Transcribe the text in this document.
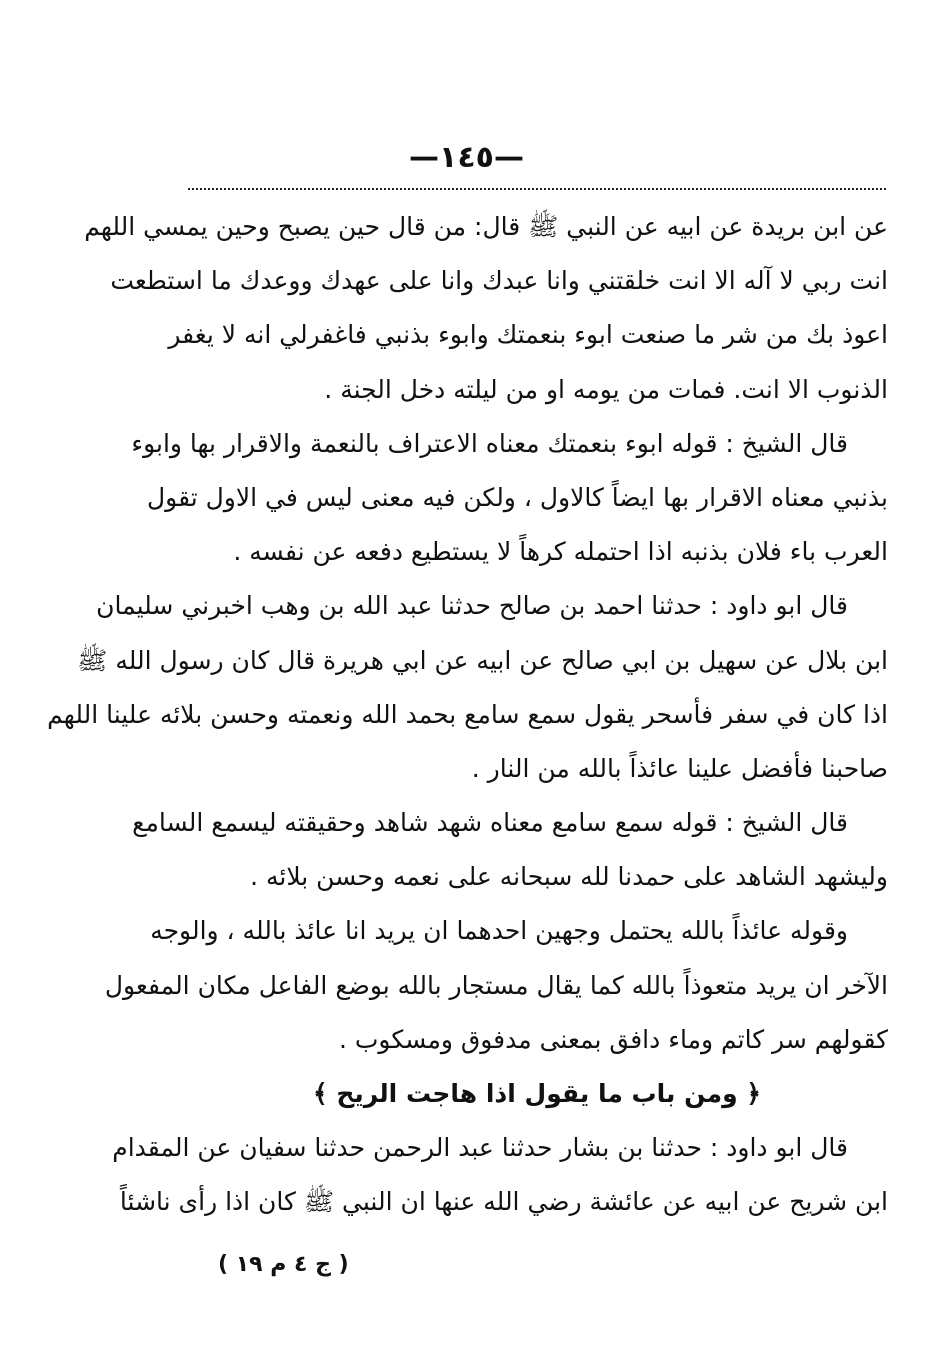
—١٤٥—
عن ابن بريدة عن ابيه عن النبي ﷺ قال: من قال حين يصبح وحين يمسي اللهم
انت ربي لا آله الا انت خلقتني وانا عبدك وانا على عهدك ووعدك ما استطعت
اعوذ بك من شر ما صنعت ابوء بنعمتك وابوء بذنبي فاغفرلي انه لا يغفر
الذنوب الا انت. فمات من يومه او من ليلته دخل الجنة .
قال الشيخ : قوله ابوء بنعمتك معناه الاعتراف بالنعمة والاقرار بها وابوء
بذنبي معناه الاقرار بها ايضاً كالاول ، ولكن فيه معنى ليس في الاول تقول
العرب باء فلان بذنبه اذا احتمله كرهاً لا يستطيع دفعه عن نفسه .
قال ابو داود : حدثنا احمد بن صالح حدثنا عبد الله بن وهب اخبرني سليمان
ابن بلال عن سهيل بن ابي صالح عن ابيه عن ابي هريرة قال كان رسول الله ﷺ
اذا كان في سفر فأسحر يقول سمع سامع بحمد الله ونعمته وحسن بلائه علينا اللهم
صاحبنا فأفضل علينا عائذاً بالله من النار .
قال الشيخ : قوله سمع سامع معناه شهد شاهد وحقيقته ليسمع السامع
وليشهد الشاهد على حمدنا لله سبحانه على نعمه وحسن بلائه .
وقوله عائذاً بالله يحتمل وجهين احدهما ان يريد انا عائذ بالله ، والوجه
الآخر ان يريد متعوذاً بالله كما يقال مستجار بالله بوضع الفاعل مكان المفعول
كقولهم سر كاتم وماء دافق بمعنى مدفوق ومسكوب .
﴿ ومن باب ما يقول اذا هاجت الريح ﴾
قال ابو داود : حدثنا بن بشار حدثنا عبد الرحمن حدثنا سفيان عن المقدام
ابن شريح عن ابيه عن عائشة رضي الله عنها ان النبي ﷺ كان اذا رأى ناشئاً
( ج ٤ م ١٩ )
